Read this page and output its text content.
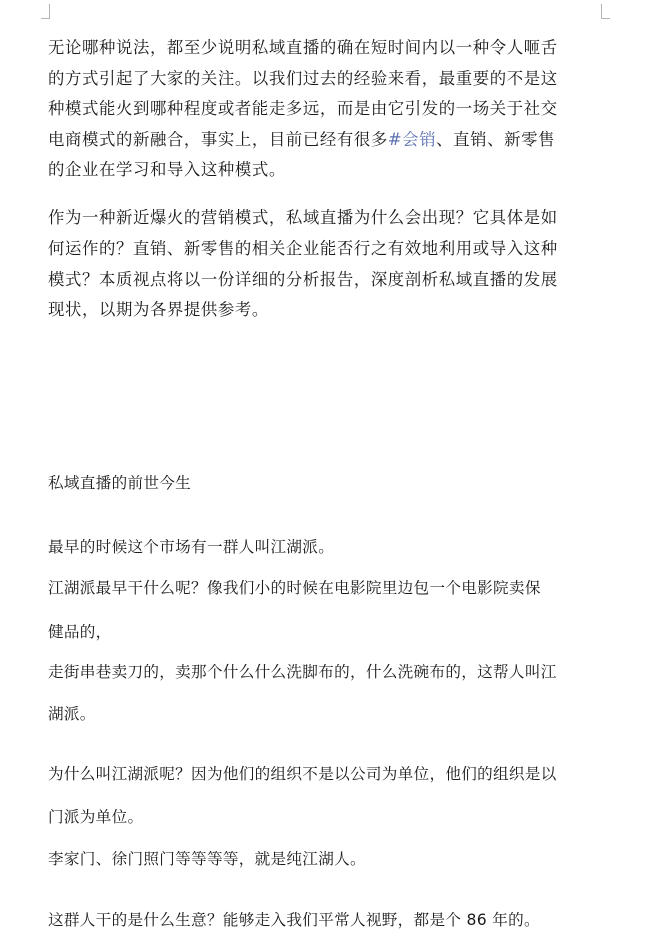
无论哪种说法，都至少说明私域直播的确在短时间内以一种令人咂舌
的方式引起了大家的关注。以我们过去的经验来看，最重要的不是这
种模式能火到哪种程度或者能走多远，而是由它引发的一场关于社交
电商模式的新融合，事实上，目前已经有很多#会销、直销、新零售
的企业在学习和导入这种模式。
作为一种新近爆火的营销模式，私域直播为什么会出现？它具体是如
何运作的？直销、新零售的相关企业能否行之有效地利用或导入这种
模式？本质视点将以一份详细的分析报告，深度剖析私域直播的发展
现状，以期为各界提供参考。
私域直播的前世今生
最早的时候这个市场有一群人叫江湖派。
江湖派最早干什么呢？像我们小的时候在电影院里边包一个电影院卖保
健品的，
走街串巷卖刀的，卖那个什么什么洗脚布的，什么洗碗布的，这帮人叫江
湖派。
为什么叫江湖派呢？因为他们的组织不是以公司为单位，他们的组织是以
门派为单位。
李家门、徐门照门等等等等，就是纯江湖人。
这群人干的是什么生意？能够走入我们平常人视野，都是个 86 年的。
